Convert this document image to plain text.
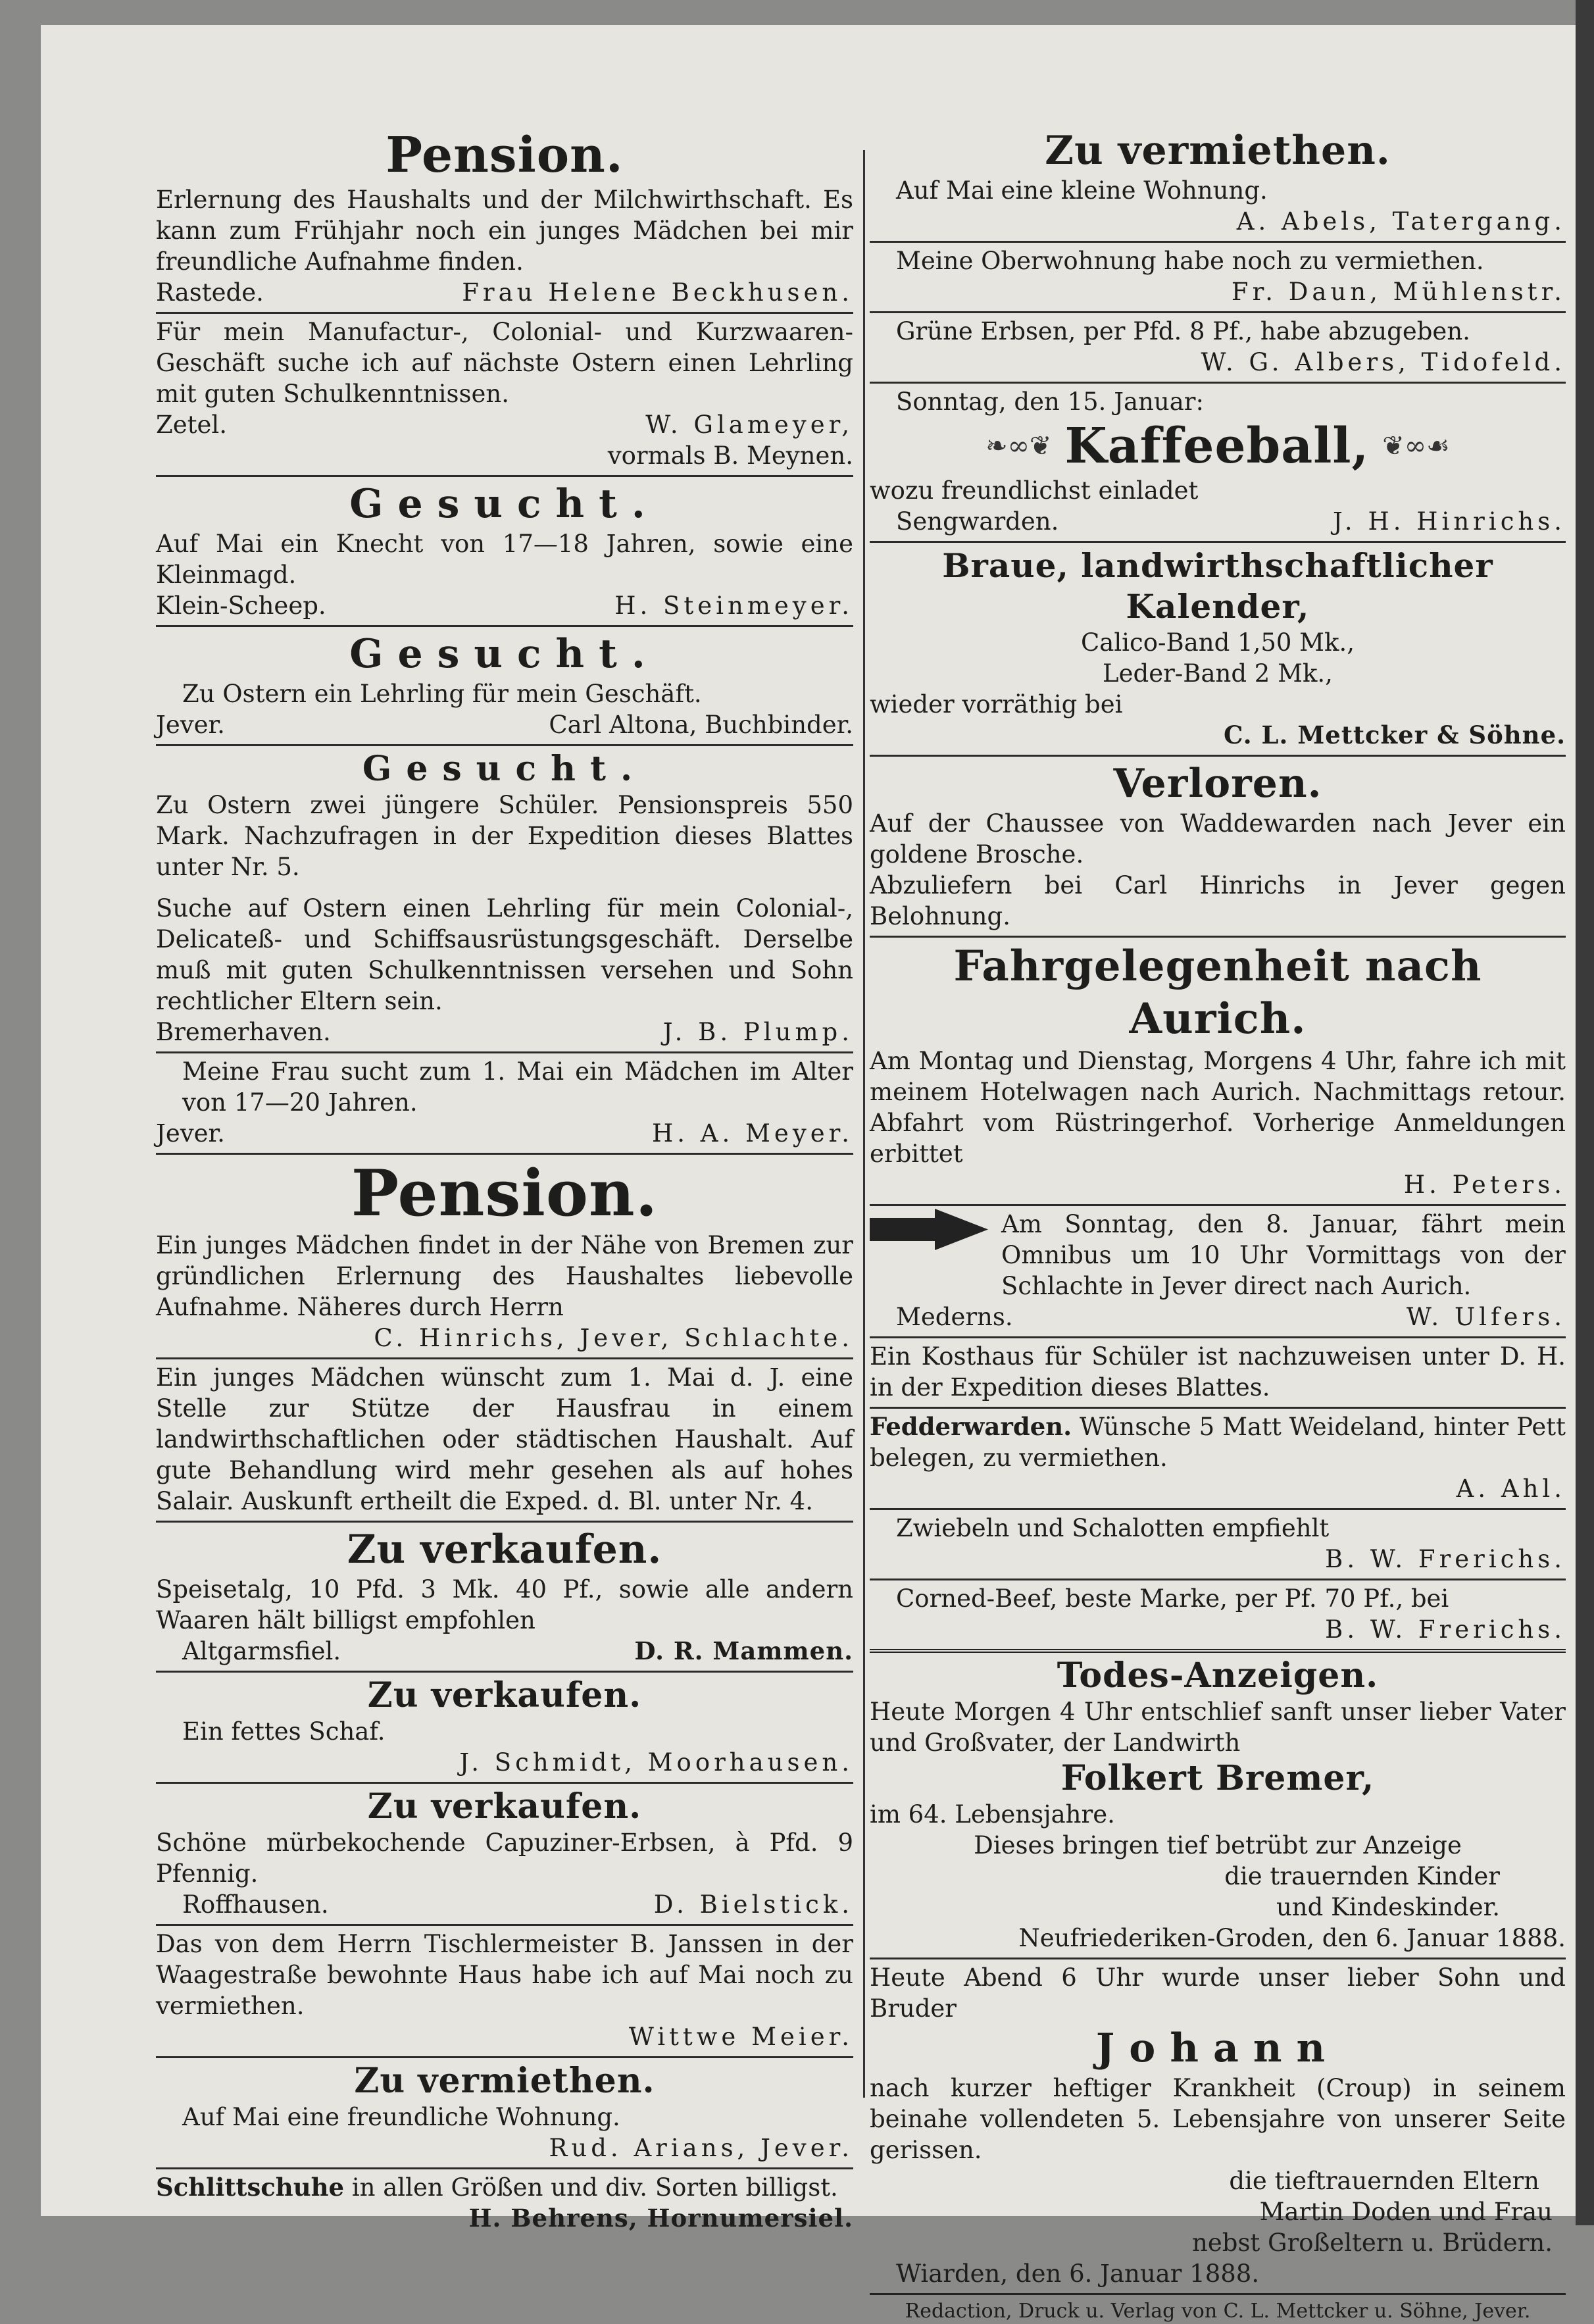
Pension.
Erlernung des Haushalts und der Milchwirthschaft. Es kann zum Frühjahr noch ein junges Mädchen bei mir freundliche Aufnahme finden.
Rastede.	Frau Helene Beckhusen.
Für mein Manufactur-, Colonial- und Kurzwaaren-Geschäft suche ich auf nächste Ostern einen Lehrling mit guten Schulkenntnissen.
Zetel.	W. Glameyer,
vormals B. Meynen.
Gesucht.
Auf Mai ein Knecht von 17—18 Jahren, sowie eine Kleinmagd.
Klein-Scheep.	H. Steinmeyer.
Gesucht.
Zu Ostern ein Lehrling für mein Geschäft.
Jever.	Carl Altona, Buchbinder.
Gesucht.
Zu Ostern zwei jüngere Schüler. Pensionspreis 550 Mark. Nachzufragen in der Expedition dieses Blattes unter Nr. 5.
Suche auf Ostern einen Lehrling für mein Colonial-, Delicateß- und Schiffsausrüstungsgeschäft. Derselbe muß mit guten Schulkenntnissen versehen und Sohn rechtlicher Eltern sein.
Bremerhaven.	J. B. Plump.
Meine Frau sucht zum 1. Mai ein Mädchen im Alter von 17—20 Jahren.
Jever.	H. A. Meyer.
Pension.
Ein junges Mädchen findet in der Nähe von Bremen zur gründlichen Erlernung des Haushaltes liebevolle Aufnahme. Näheres durch Herrn
C. Hinrichs, Jever, Schlachte.
Ein junges Mädchen wünscht zum 1. Mai d. J. eine Stelle zur Stütze der Hausfrau in einem landwirthschaftlichen oder städtischen Haushalt. Auf gute Behandlung wird mehr gesehen als auf hohes Salair. Auskunft ertheilt die Exped. d. Bl. unter Nr. 4.
Zu verkaufen.
Speisetalg, 10 Pfd. 3 Mk. 40 Pf., sowie alle andern Waaren hält billigst empfohlen
Altgarmsfiel.	D. R. Mammen.
Zu verkaufen.
Ein fettes Schaf.
J. Schmidt, Moorhausen.
Zu verkaufen.
Schöne mürbekochende Capuziner-Erbsen, à Pfd. 9 Pfennig.
Roffhausen.	D. Bielstick.
Das von dem Herrn Tischlermeister B. Janssen in der Waagestraße bewohnte Haus habe ich auf Mai noch zu vermiethen.
Wittwe Meier.
Zu vermiethen.
Auf Mai eine freundliche Wohnung.
Rud. Arians, Jever.
Schlittschuhe in allen Größen und div. Sorten billigst.
H. Behrens, Hornumersiel.
Zu vermiethen.
Auf Mai eine kleine Wohnung.
A. Abels, Tatergang.
Meine Oberwohnung habe noch zu vermiethen.
Fr. Daun, Mühlenstr.
Grüne Erbsen, per Pfd. 8 Pf., habe abzugeben.
W. G. Albers, Tidofeld.
Sonntag, den 15. Januar:
❧∞❦ Kaffeeball, ❦∞☙
wozu freundlichst einladet
Sengwarden.	J. H. Hinrichs.
Braue, landwirthschaftlicher Kalender,
Calico-Band 1,50 Mk.,
Leder-Band 2 Mk.,
wieder vorräthig bei
C. L. Mettcker & Söhne.
Verloren.
Auf der Chaussee von Waddewarden nach Jever ein goldene Brosche.
Abzuliefern bei Carl Hinrichs in Jever gegen Belohnung.
Fahrgelegenheit nach Aurich.
Am Montag und Dienstag, Morgens 4 Uhr, fahre ich mit meinem Hotelwagen nach Aurich. Nachmittags retour. Abfahrt vom Rüstringerhof. Vorherige Anmeldungen erbittet
H. Peters.
Am Sonntag, den 8. Januar, fährt mein Omnibus um 10 Uhr Vormittags von der Schlachte in Jever direct nach Aurich.
Mederns.	W. Ulfers.
Ein Kosthaus für Schüler ist nachzuweisen unter D. H. in der Expedition dieses Blattes.
Fedderwarden. Wünsche 5 Matt Weideland, hinter Pett belegen, zu vermiethen.
A. Ahl.
Zwiebeln und Schalotten empfiehlt
B. W. Frerichs.
Corned-Beef, beste Marke, per Pf. 70 Pf., bei
B. W. Frerichs.
Todes-Anzeigen.
Heute Morgen 4 Uhr entschlief sanft unser lieber Vater und Großvater, der Landwirth
Folkert Bremer,
im 64. Lebensjahre.
Dieses bringen tief betrübt zur Anzeige
die trauernden Kinder
und Kindeskinder.
Neufriederiken-Groden, den 6. Januar 1888.
Heute Abend 6 Uhr wurde unser lieber Sohn und Bruder
Johann
nach kurzer heftiger Krankheit (Croup) in seinem beinahe vollendeten 5. Lebensjahre von unserer Seite gerissen.
die tieftrauernden Eltern
Martin Doden und Frau
nebst Großeltern u. Brüdern.
Wiarden, den 6. Januar 1888.
Redaction, Druck u. Verlag von C. L. Mettcker u. Söhne, Jever.
